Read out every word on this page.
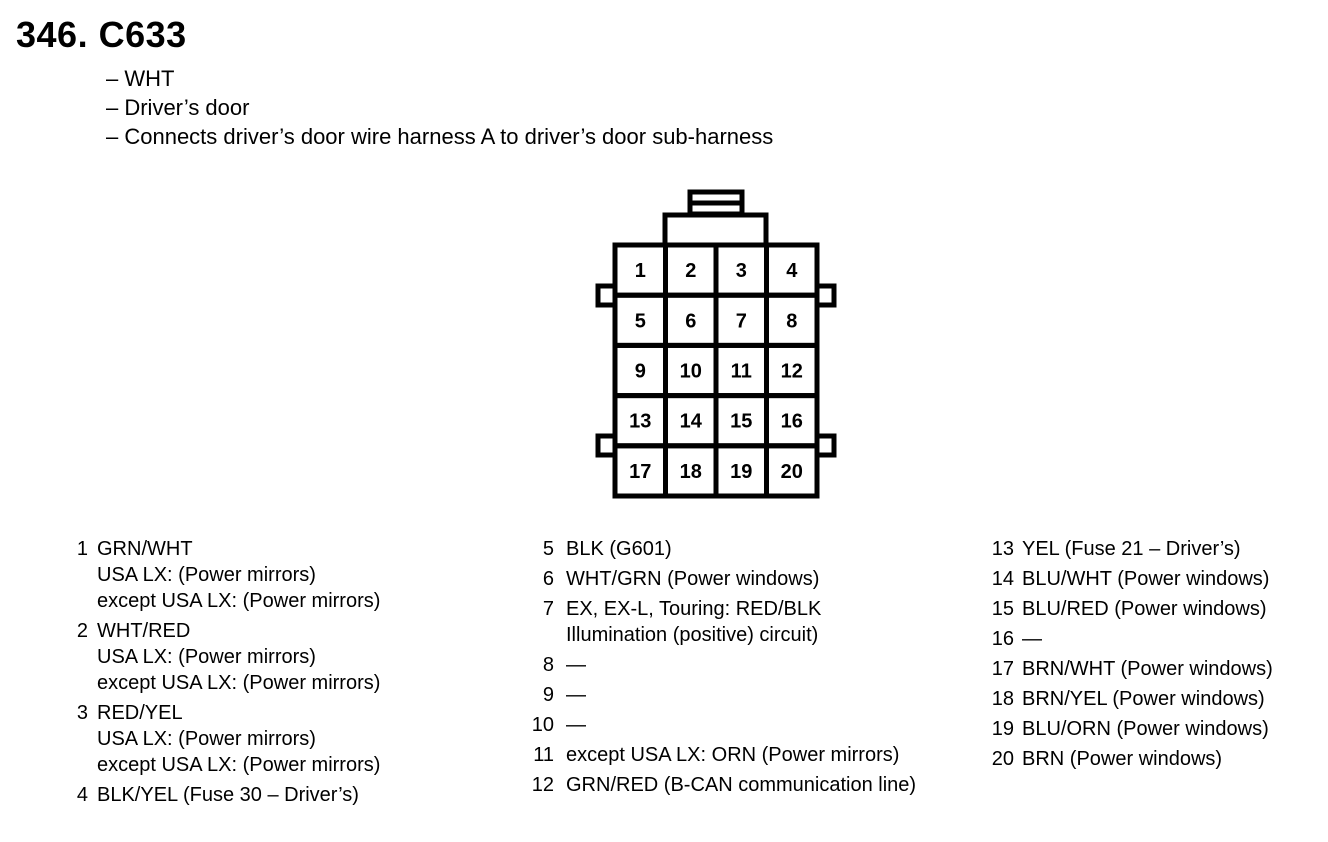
346. C633
– WHT
– Driver’s door
– Connects driver’s door wire harness A to driver’s door sub-harness
1 2 3 4
5 6 7 8
9 10 11 12
13 14 15 16
17 18 19 20
1 GRN/WHT
USA LX: (Power mirrors)
except USA LX: (Power mirrors)
2 WHT/RED
USA LX: (Power mirrors)
except USA LX: (Power mirrors)
3 RED/YEL
USA LX: (Power mirrors)
except USA LX: (Power mirrors)
4 BLK/YEL (Fuse 30 – Driver’s)
5 BLK (G601)
6 WHT/GRN (Power windows)
7 EX, EX-L, Touring: RED/BLK
Illumination (positive) circuit)
8 —
9 —
10 —
11 except USA LX: ORN (Power mirrors)
12 GRN/RED (B-CAN communication line)
13 YEL (Fuse 21 – Driver’s)
14 BLU/WHT (Power windows)
15 BLU/RED (Power windows)
16 —
17 BRN/WHT (Power windows)
18 BRN/YEL (Power windows)
19 BLU/ORN (Power windows)
20 BRN (Power windows)
